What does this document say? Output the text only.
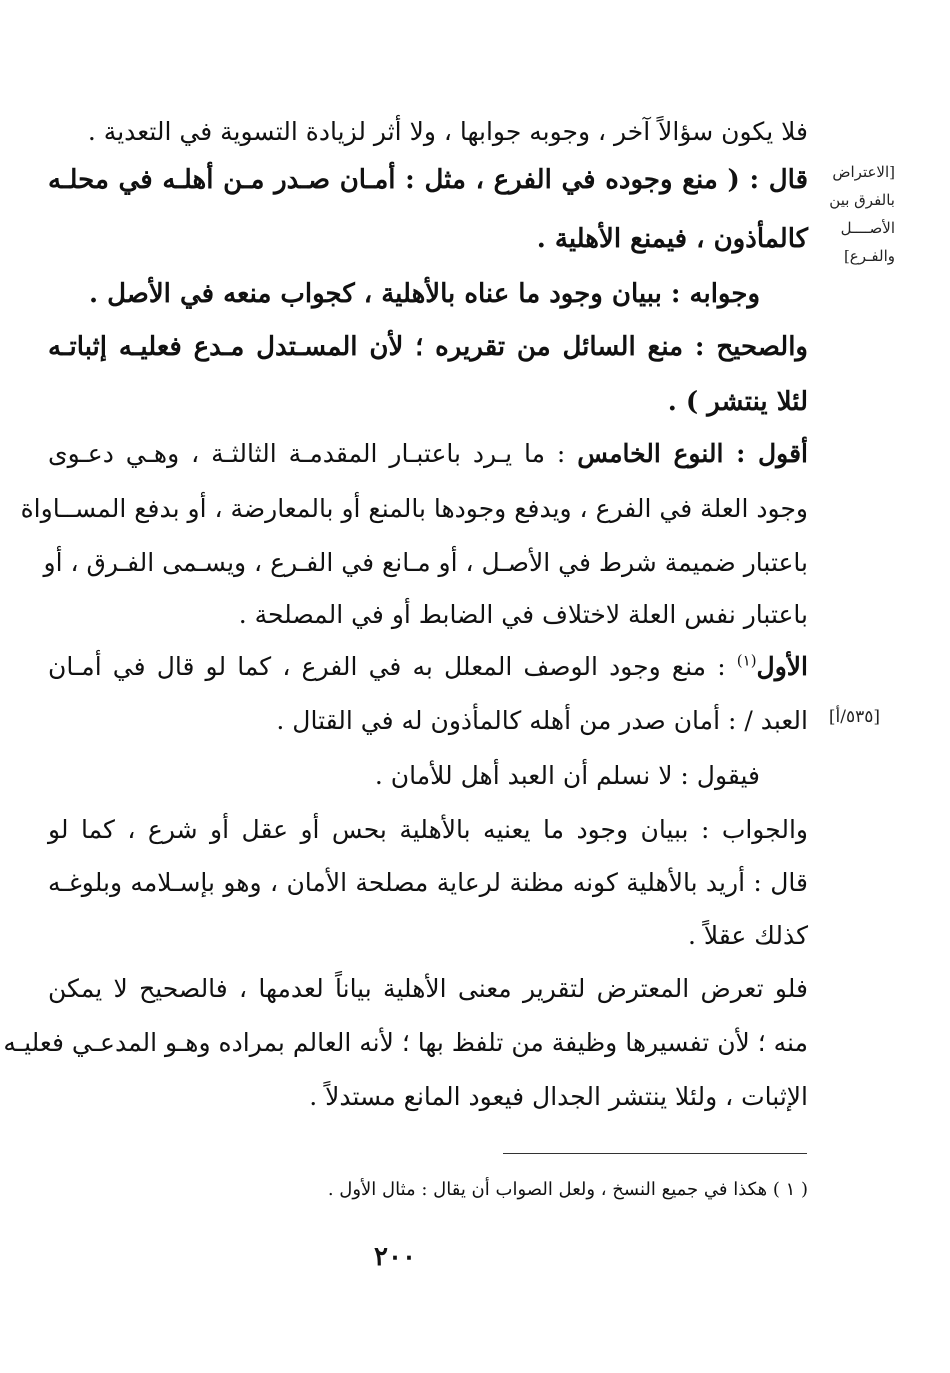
[الاعتراض
بالفرق بين
الأصــــل
والفـرع]
[٥٣٥/أ]
فلا يكون سؤالاً آخر ، وجوبه جوابها ، ولا أثر لزيادة التسوية في التعدية .
قال : ( منع وجوده في الفرع ، مثل : أمـان صـدر مـن أهلـه في محلـه
كالمأذون ، فيمنع الأهلية .
وجوابه : ببيان وجود ما عناه بالأهلية ، كجواب منعه في الأصل .
والصحيح : منع السائل من تقريره ؛ لأن المسـتدل مـدع فعليـه إثباتـه
لئلا ينتشر ) .
أقول : النوع الخامس : ما يـرد باعتبـار المقدمـة الثالثـة ، وهـي دعـوى
وجود العلة في الفرع ، ويدفع وجودها بالمنع أو بالمعارضة ، أو بدفع المســاواة
باعتبار ضميمة شرط في الأصـل ، أو مـانع في الفـرع ، ويسـمى الفـرق ، أو
باعتبار نفس العلة لاختلاف في الضابط أو في المصلحة .
الأول$^{(١)}$ : منع وجود الوصف المعلل به في الفرع ، كما لو قال في أمـان
العبد / : أمان صدر من أهله كالمأذون له في القتال .
فيقول : لا نسلم أن العبد أهل للأمان .
والجواب : ببيان وجود ما يعنيه بالأهلية بحس أو عقل أو شرع ، كما لو
قال : أريد بالأهلية كونه مظنة لرعاية مصلحة الأمان ، وهو بإسـلامه وبلوغـه
كذلك عقلاً .
فلو تعرض المعترض لتقرير معنى الأهلية بياناً لعدمها ، فالصحيح لا يمكن
منه ؛ لأن تفسيرها وظيفة من تلفظ بها ؛ لأنه العالم بمراده وهـو المدعـي فعليـه
الإثبات ، ولئلا ينتشر الجدال فيعود المانع مستدلاً .
( ١ ) هكذا في جميع النسخ ، ولعل الصواب أن يقال : مثال الأول .
٢٠٠
